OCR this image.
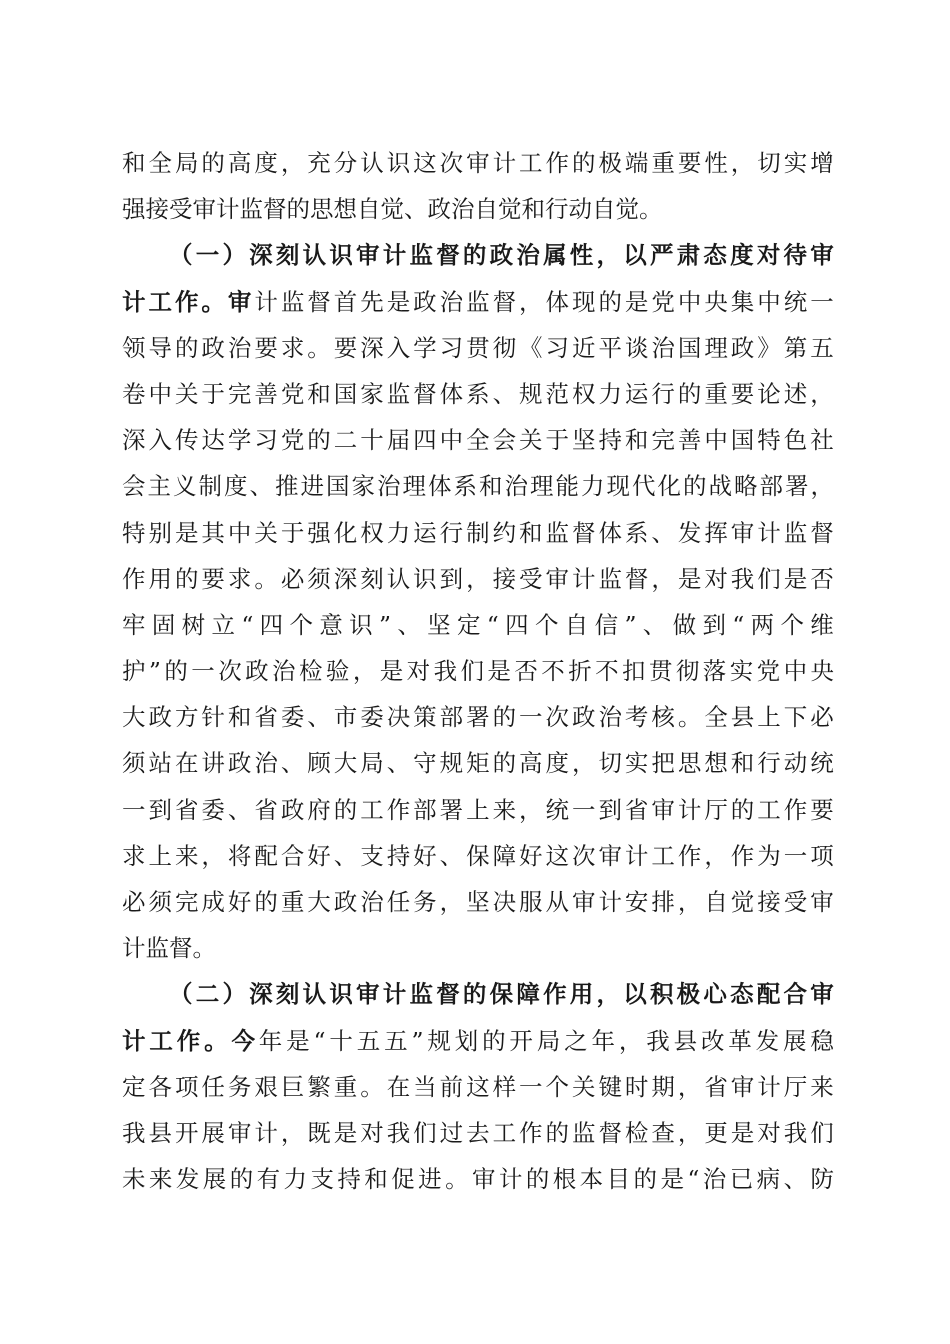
和 全 局 的 高 度 ， 充 分 认 识 这 次 审 计 工 作 的 极 端 重 要 性 ， 切 实 增
强 接 受 审 计 监 督 的 思 想 自 觉 、 政 治 自 觉 和 行 动 自 觉 。
（ 一 ） 深 刻 认 识 审 计 监 督 的 政 治 属 性 ， 以 严 肃 态 度 对 待 审
计 工 作 。 审 计 监 督 首 先 是 政 治 监 督 ， 体 现 的 是 党 中 央 集 中 统 一
领 导 的 政 治 要 求 。 要 深 入 学 习 贯 彻 《 习 近 平 谈 治 国 理 政 》 第 五
卷 中 关 于 完 善 党 和 国 家 监 督 体 系 、 规 范 权 力 运 行 的 重 要 论 述 ，
深 入 传 达 学 习 党 的 二 十 届 四 中 全 会 关 于 坚 持 和 完 善 中 国 特 色 社
会 主 义 制 度 、 推 进 国 家 治 理 体 系 和 治 理 能 力 现 代 化 的 战 略 部 署 ，
特 别 是 其 中 关 于 强 化 权 力 运 行 制 约 和 监 督 体 系 、 发 挥 审 计 监 督
作 用 的 要 求 。 必 须 深 刻 认 识 到 ， 接 受 审 计 监 督 ， 是 对 我 们 是 否
牢 固 树 立 “ 四 个 意 识 ” 、 坚 定 “ 四 个 自 信 ” 、 做 到 “ 两 个 维
护 ” 的 一 次 政 治 检 验 ， 是 对 我 们 是 否 不 折 不 扣 贯 彻 落 实 党 中 央
大 政 方 针 和 省 委 、 市 委 决 策 部 署 的 一 次 政 治 考 核 。 全 县 上 下 必
须 站 在 讲 政 治 、 顾 大 局 、 守 规 矩 的 高 度 ， 切 实 把 思 想 和 行 动 统
一 到 省 委 、 省 政 府 的 工 作 部 署 上 来 ， 统 一 到 省 审 计 厅 的 工 作 要
求 上 来 ， 将 配 合 好 、 支 持 好 、 保 障 好 这 次 审 计 工 作 ， 作 为 一 项
必 须 完 成 好 的 重 大 政 治 任 务 ， 坚 决 服 从 审 计 安 排 ， 自 觉 接 受 审
计 监 督 。
（ 二 ） 深 刻 认 识 审 计 监 督 的 保 障 作 用 ， 以 积 极 心 态 配 合 审
计 工 作 。 今 年 是 “ 十 五 五 ” 规 划 的 开 局 之 年 ， 我 县 改 革 发 展 稳
定 各 项 任 务 艰 巨 繁 重 。 在 当 前 这 样 一 个 关 键 时 期 ， 省 审 计 厅 来
我 县 开 展 审 计 ， 既 是 对 我 们 过 去 工 作 的 监 督 检 查 ， 更 是 对 我 们
未 来 发 展 的 有 力 支 持 和 促 进 。 审 计 的 根 本 目 的 是 “ 治 已 病 、 防
